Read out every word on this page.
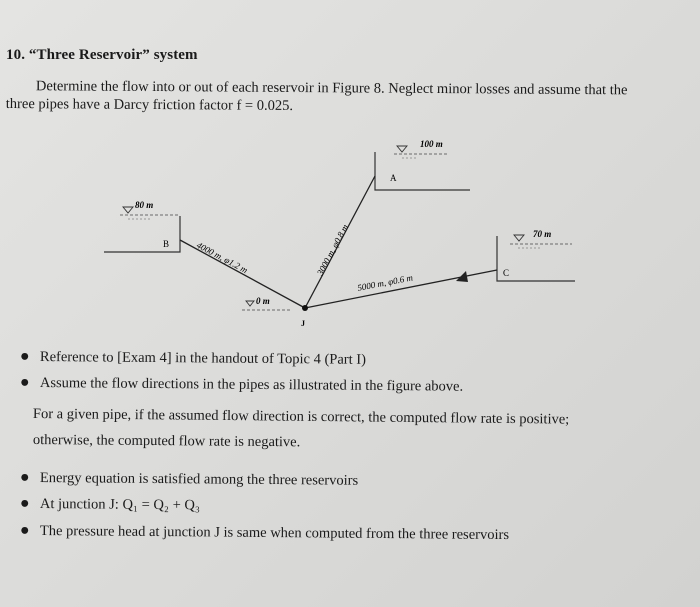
10. “Three Reservoir” system
Determine the flow into or out of each reservoir in Figure 8. Neglect minor losses and assume that the
three pipes have a Darcy friction factor f = 0.025.
100 m
A
80 m
B
70 m
C
J
0 m
4000 m, φ1.2 m	3000 m, φ0.8 m
5000 m, φ0.6 m
● Reference to [Exam 4] in the handout of Topic 4 (Part I)
● Assume the flow directions in the pipes as illustrated in the figure above.
For a given pipe, if the assumed flow direction is correct, the computed flow rate is positive;
otherwise, the computed flow rate is negative.
● Energy equation is satisfied among the three reservoirs
● At junction J: Q₁ = Q₂ + Q₃
● The pressure head at junction J is same when computed from the three reservoirs
